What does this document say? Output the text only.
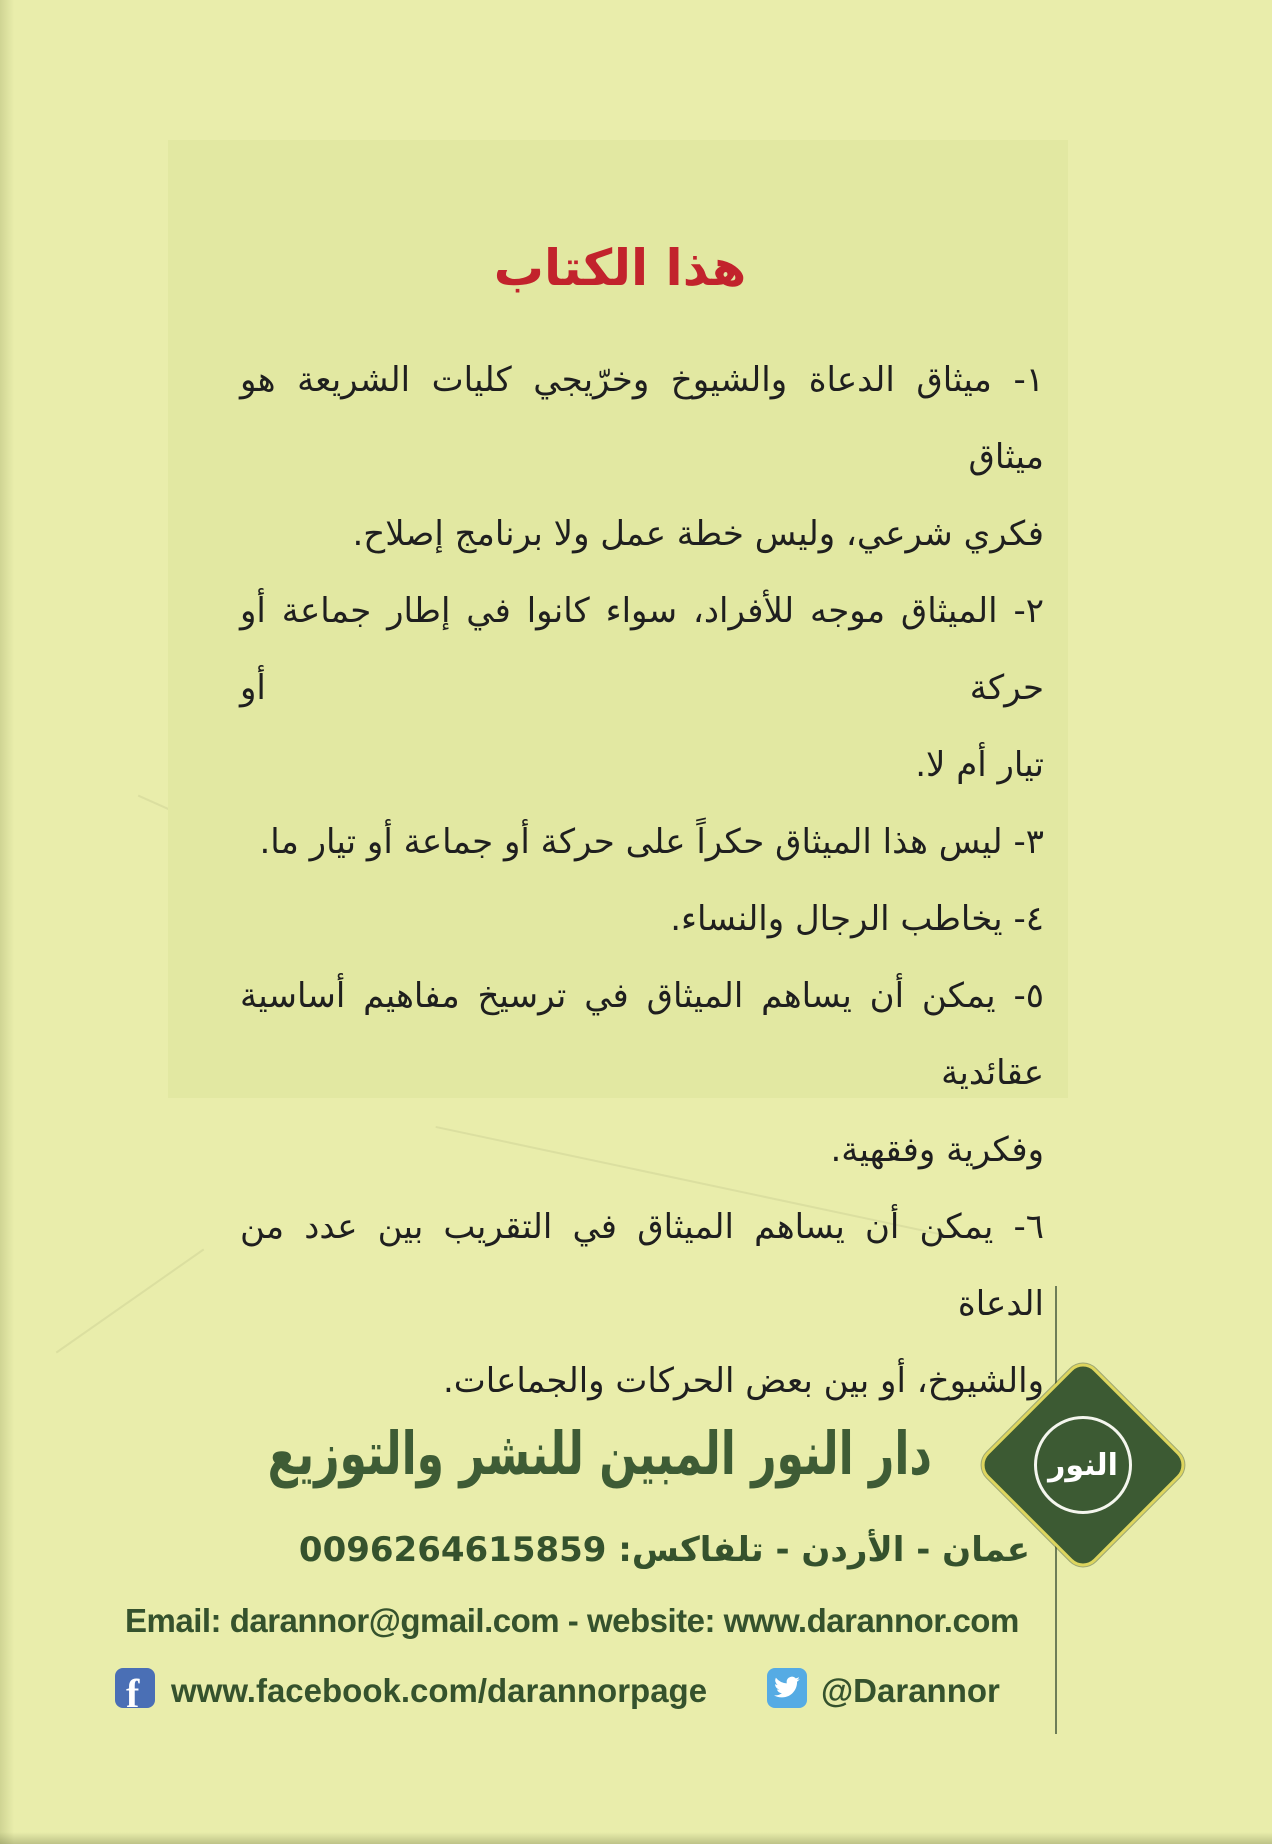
هذا الكتاب
١- ميثاق الدعاة والشيوخ وخرّيجي كليات الشريعة هو ميثاق
فكري شرعي، وليس خطة عمل ولا برنامج إصلاح.
٢- الميثاق موجه للأفراد، سواء كانوا في إطار جماعة أو حركة أو
تيار أم لا.
٣- ليس هذا الميثاق حكراً على حركة أو جماعة أو تيار ما.
٤- يخاطب الرجال والنساء.
٥- يمكن أن يساهم الميثاق في ترسيخ مفاهيم أساسية عقائدية
وفكرية وفقهية.
٦- يمكن أن يساهم الميثاق في التقريب بين عدد من الدعاة
والشيوخ، أو بين بعض الحركات والجماعات.
دار النور المبين للنشر والتوزيع	النور
عمان - الأردن - تلفاكس: 0096264615859
Email: darannor@gmail.com - website: www.darannor.com
f www.facebook.com/darannorpage	@Darannor
